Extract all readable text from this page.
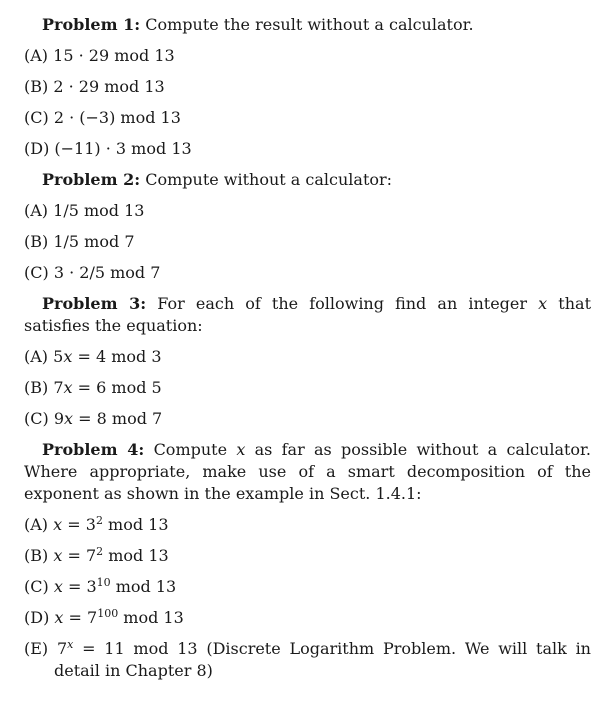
Problem 1: Compute the result without a calculator.

(A) 15 · 29 mod 13

(B) 2 · 29 mod 13

(C) 2 · (−3) mod 13

(D) (−11) · 3 mod 13

Problem 2: Compute without a calculator:

(A) 1/5 mod 13

(B) 1/5 mod 7

(C) 3 · 2/5 mod 7

Problem 3: For each of the following find an integer x that satisfies the equation:

(A) 5x = 4 mod 3

(B) 7x = 6 mod 5

(C) 9x = 8 mod 7

Problem 4: Compute x as far as possible without a calculator. Where appropriate, make use of a smart decomposition of the exponent as shown in the example in Sect. 1.4.1:

(A) $x = 3^2$ mod 13

(B) $x = 7^2$ mod 13

(C) $x = 3^{10}$ mod 13

(D) $x = 7^{100}$ mod 13

(E) $7^x = 11$ mod 13 (Discrete Logarithm Problem. We will talk in detail in Chapter 8)
